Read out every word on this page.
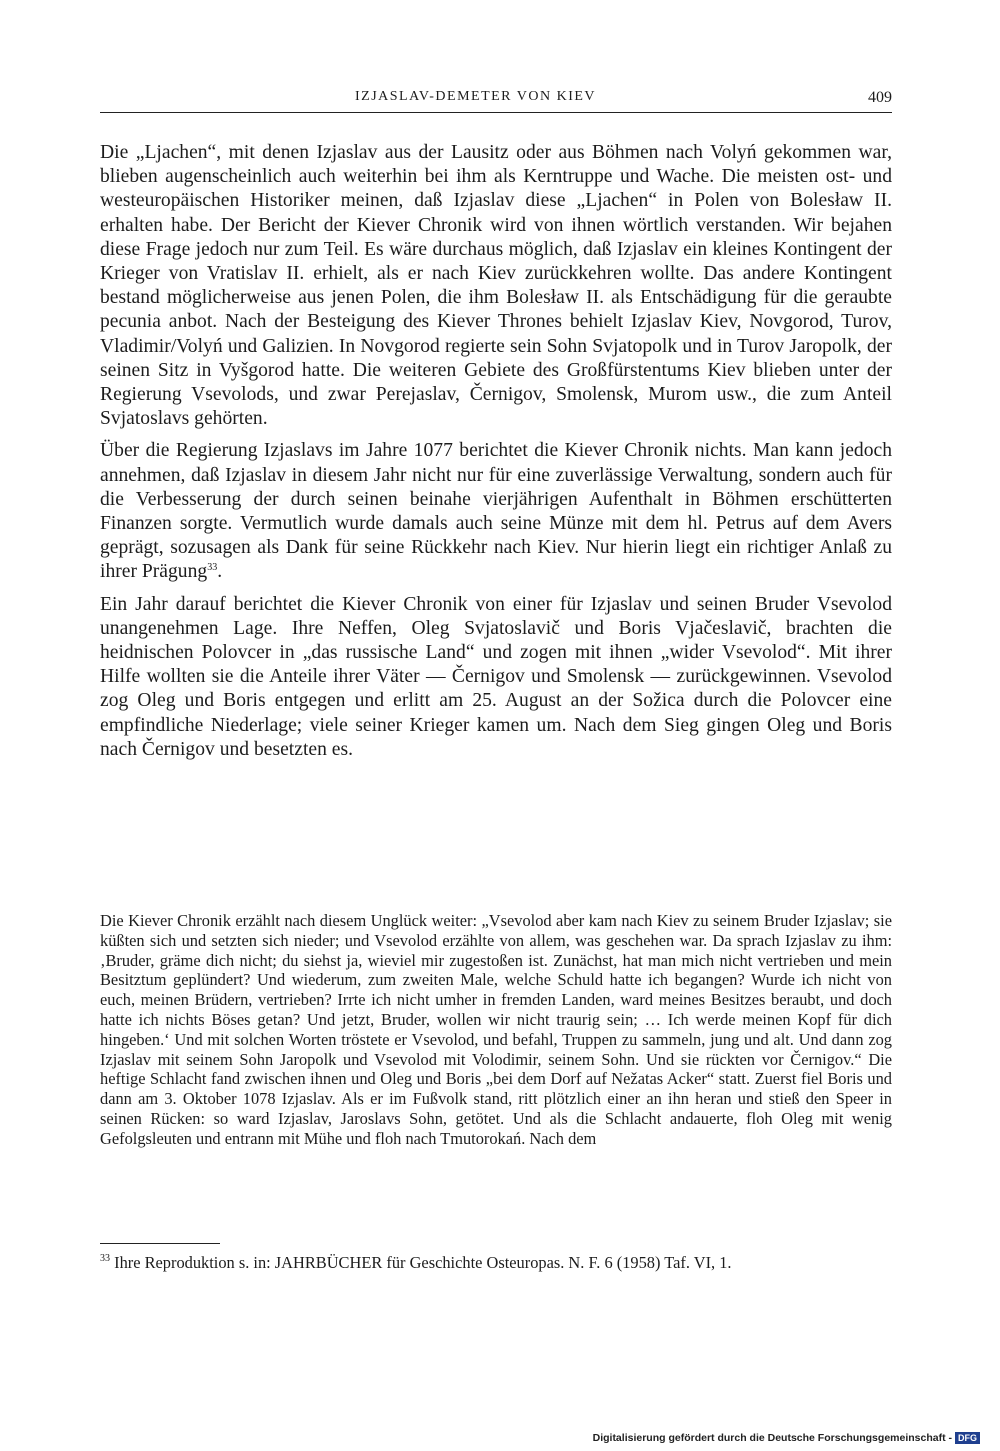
IZJASLAV-DEMETER VON KIEV	409

Die „Ljachen“, mit denen Izjaslav aus der Lausitz oder aus Böhmen nach Volyń gekommen war, blieben augenscheinlich auch weiterhin bei ihm als Kerntruppe und Wache. Die meisten ost- und westeuropäischen Historiker meinen, daß Izjaslav diese „Ljachen“ in Polen von Bolesław II. erhalten habe. Der Bericht der Kiever Chronik wird von ihnen wörtlich verstanden. Wir bejahen diese Frage jedoch nur zum Teil. Es wäre durchaus möglich, daß Izjaslav ein kleines Kontingent der Krieger von Vratislav II. erhielt, als er nach Kiev zurückkehren wollte. Das andere Kontingent bestand möglicherweise aus jenen Polen, die ihm Bolesław II. als Entschädigung für die geraubte pecunia anbot. Nach der Besteigung des Kiever Thrones behielt Izjaslav Kiev, Novgorod, Turov, Vladimir/Volyń und Galizien. In Novgorod regierte sein Sohn Svjatopolk und in Turov Jaropolk, der seinen Sitz in Vyšgorod hatte. Die weiteren Gebiete des Großfürstentums Kiev blieben unter der Regierung Vsevolods, und zwar Perejaslav, Černigov, Smolensk, Murom usw., die zum Anteil Svjatoslavs gehörten.

Über die Regierung Izjaslavs im Jahre 1077 berichtet die Kiever Chronik nichts. Man kann jedoch annehmen, daß Izjaslav in diesem Jahr nicht nur für eine zuverlässige Verwaltung, sondern auch für die Verbesserung der durch seinen beinahe vierjährigen Aufenthalt in Böhmen erschütterten Finanzen sorgte. Vermutlich wurde damals auch seine Münze mit dem hl. Petrus auf dem Avers geprägt, sozusagen als Dank für seine Rückkehr nach Kiev. Nur hierin liegt ein richtiger Anlaß zu ihrer Prägung$^{33}$.

Ein Jahr darauf berichtet die Kiever Chronik von einer für Izjaslav und seinen Bruder Vsevolod unangenehmen Lage. Ihre Neffen, Oleg Svjatoslavič und Boris Vjačeslavič, brachten die heidnischen Polovcer in „das russische Land“ und zogen mit ihnen „wider Vsevolod“. Mit ihrer Hilfe wollten sie die Anteile ihrer Väter — Černigov und Smolensk — zurückgewinnen. Vsevolod zog Oleg und Boris entgegen und erlitt am 25. August an der Sožica durch die Polovcer eine empfindliche Niederlage; viele seiner Krieger kamen um. Nach dem Sieg gingen Oleg und Boris nach Černigov und besetzten es.

Die Kiever Chronik erzählt nach diesem Unglück weiter: „Vsevolod aber kam nach Kiev zu seinem Bruder Izjaslav; sie küßten sich und setzten sich nieder; und Vsevolod erzählte von allem, was geschehen war. Da sprach Izjaslav zu ihm: ‚Bruder, gräme dich nicht; du siehst ja, wieviel mir zugestoßen ist. Zunächst, hat man mich nicht vertrieben und mein Besitztum geplündert? Und wiederum, zum zweiten Male, welche Schuld hatte ich begangen? Wurde ich nicht von euch, meinen Brüdern, vertrieben? Irrte ich nicht umher in fremden Landen, ward meines Besitzes beraubt, und doch hatte ich nichts Böses getan? Und jetzt, Bruder, wollen wir nicht traurig sein; … Ich werde meinen Kopf für dich hingeben.‘ Und mit solchen Worten tröstete er Vsevolod, und befahl, Truppen zu sammeln, jung und alt. Und dann zog Izjaslav mit seinem Sohn Jaropolk und Vsevolod mit Volodimir, seinem Sohn. Und sie rückten vor Černigov.“ Die heftige Schlacht fand zwischen ihnen und Oleg und Boris „bei dem Dorf auf Nežatas Acker“ statt. Zuerst fiel Boris und dann am 3. Oktober 1078 Izjaslav. Als er im Fußvolk stand, ritt plötzlich einer an ihn heran und stieß den Speer in seinen Rücken: so ward Izjaslav, Jaroslavs Sohn, getötet. Und als die Schlacht andauerte, floh Oleg mit wenig Gefolgsleuten und entrann mit Mühe und floh nach Tmutorokań. Nach dem

$^{33}$ Ihre Reproduktion s. in: JAHRBÜCHER für Geschichte Osteuropas. N. F. 6 (1958) Taf. VI, 1.

Digitalisierung gefördert durch die Deutsche Forschungsgemeinschaft - DFG
